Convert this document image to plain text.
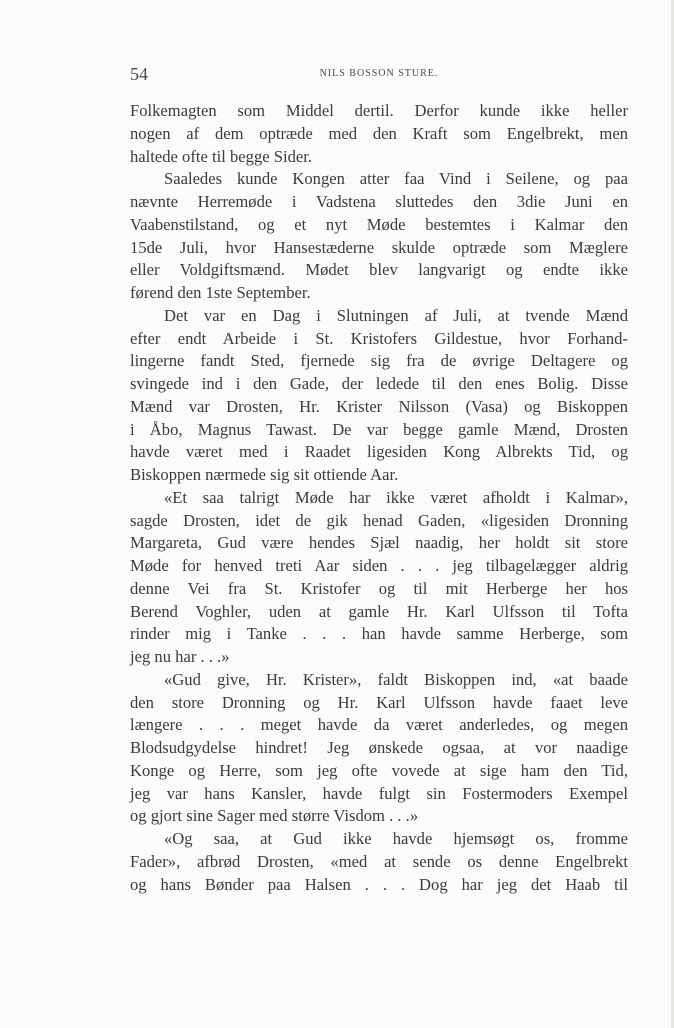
54	NILS BOSSON STURE.
Folkemagten som Middel dertil. Derfor kunde ikke heller
nogen af dem optræde med den Kraft som Engelbrekt, men
haltede ofte til begge Sider.
Saaledes kunde Kongen atter faa Vind i Seilene, og paa
nævnte Herremøde i Vadstena sluttedes den 3die Juni en
Vaabenstilstand, og et nyt Møde bestemtes i Kalmar den
15de Juli, hvor Hansestæderne skulde optræde som Mæglere
eller Voldgiftsmænd. Mødet blev langvarigt og endte ikke
førend den 1ste September.
Det var en Dag i Slutningen af Juli, at tvende Mænd
efter endt Arbeide i St. Kristofers Gildestue, hvor Forhand-
lingerne fandt Sted, fjernede sig fra de øvrige Deltagere og
svingede ind i den Gade, der ledede til den enes Bolig. Disse
Mænd var Drosten, Hr. Krister Nilsson (Vasa) og Biskoppen
i Åbo, Magnus Tawast. De var begge gamle Mænd, Drosten
havde været med i Raadet ligesiden Kong Albrekts Tid, og
Biskoppen nærmede sig sit ottiende Aar.
«Et saa talrigt Møde har ikke været afholdt i Kalmar»,
sagde Drosten, idet de gik henad Gaden, «ligesiden Dronning
Margareta, Gud være hendes Sjæl naadig, her holdt sit store
Møde for henved treti Aar siden . . . jeg tilbagelægger aldrig
denne Vei fra St. Kristofer og til mit Herberge her hos
Berend Voghler, uden at gamle Hr. Karl Ulfsson til Tofta
rinder mig i Tanke . . . han havde samme Herberge, som
jeg nu har . . .»
«Gud give, Hr. Krister», faldt Biskoppen ind, «at baade
den store Dronning og Hr. Karl Ulfsson havde faaet leve
længere . . . meget havde da været anderledes, og megen
Blodsudgydelse hindret! Jeg ønskede ogsaa, at vor naadige
Konge og Herre, som jeg ofte vovede at sige ham den Tid,
jeg var hans Kansler, havde fulgt sin Fostermoders Exempel
og gjort sine Sager med større Visdom . . .»
«Og saa, at Gud ikke havde hjemsøgt os, fromme
Fader», afbrød Drosten, «med at sende os denne Engelbrekt
og hans Bønder paa Halsen . . . Dog har jeg det Haab til
